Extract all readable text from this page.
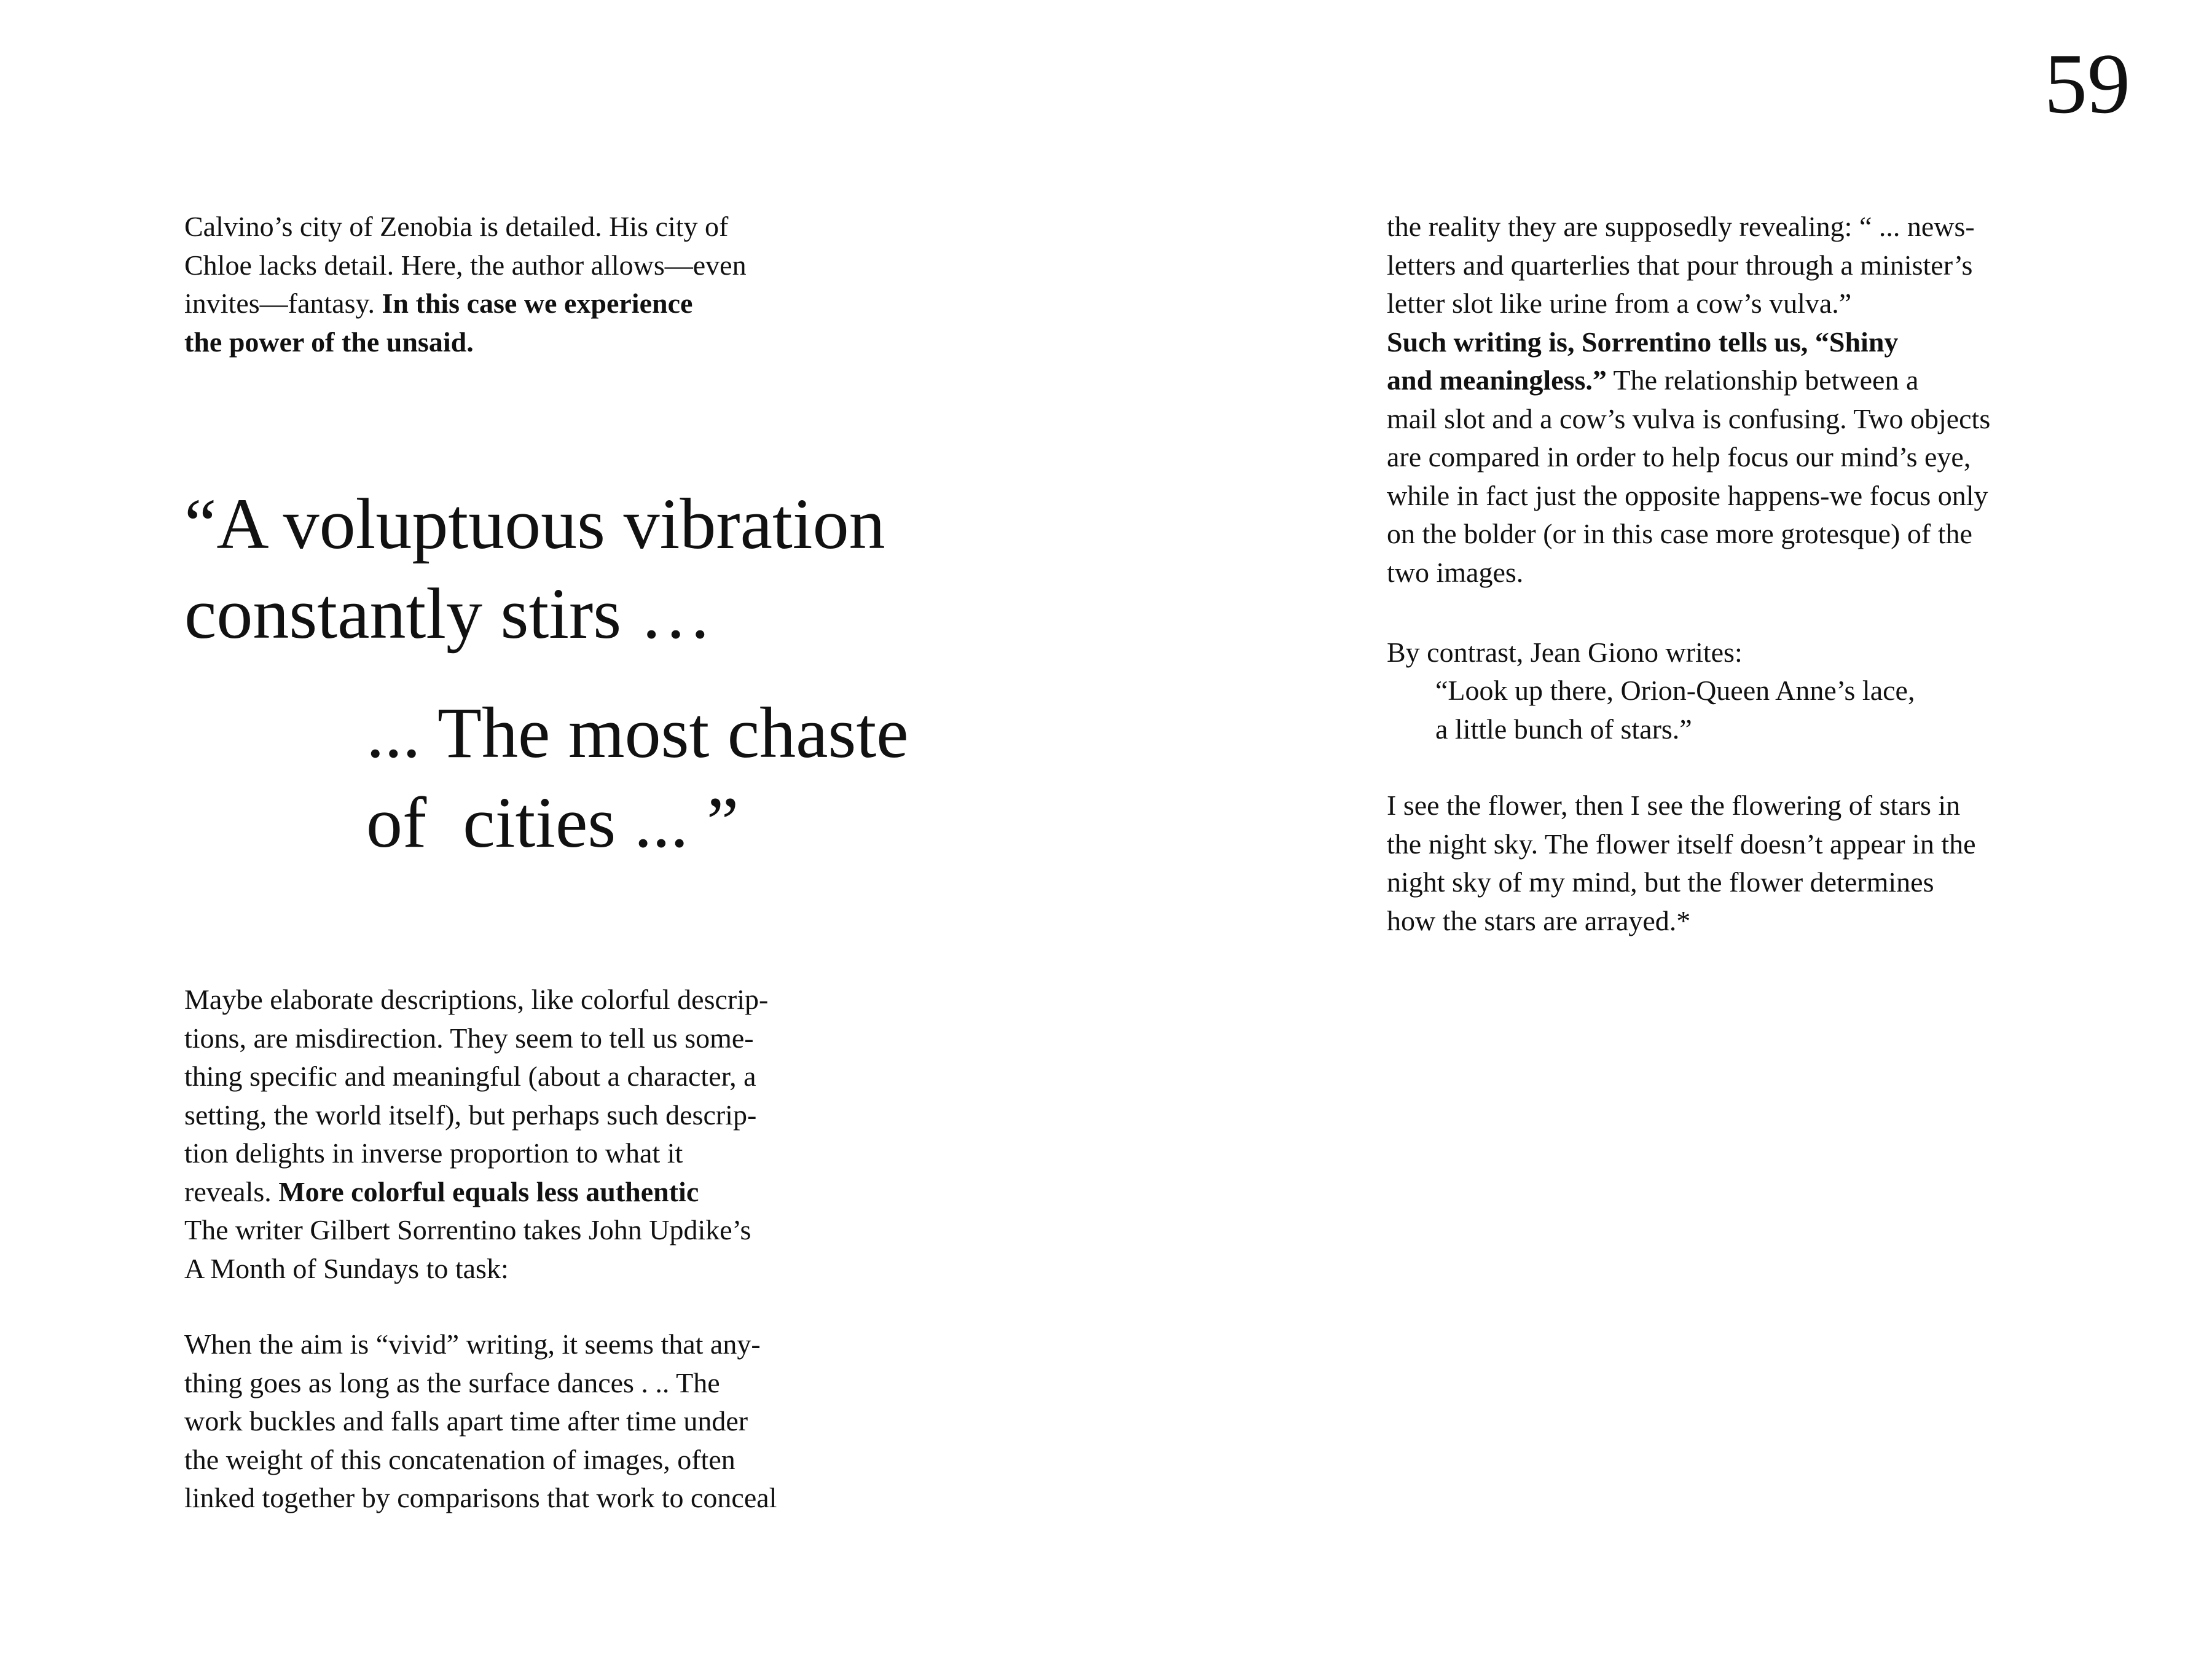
59
Calvino’s city of Zenobia is detailed. His city of
Chloe lacks detail. Here, the author allows—even
invites—fantasy. In this case we experience
the power of the unsaid.
“A voluptuous vibration
constantly stirs …
... The most chaste
of  cities ... ”
Maybe elaborate descriptions, like colorful descrip-
tions, are misdirection. They seem to tell us some-
thing specific and meaningful (about a character, a
setting, the world itself), but perhaps such descrip-
tion delights in inverse proportion to what it
reveals. More colorful equals less authentic
The writer Gilbert Sorrentino takes John Updike’s
A Month of Sundays to task:
When the aim is “vivid” writing, it seems that any-
thing goes as long as the surface dances . .. The
work buckles and falls apart time after time under
the weight of this concatenation of images, often
linked together by comparisons that work to conceal
the reality they are supposedly revealing: “ ... news-
letters and quarterlies that pour through a minister’s
letter slot like urine from a cow’s vulva.”
Such writing is, Sorrentino tells us, “Shiny
and meaningless.” The relationship between a
mail slot and a cow’s vulva is confusing. Two objects
are compared in order to help focus our mind’s eye,
while in fact just the opposite happens-we focus only
on the bolder (or in this case more grotesque) of the
two images.
By contrast, Jean Giono writes:
“Look up there, Orion-Queen Anne’s lace,
a little bunch of stars.”
I see the flower, then I see the flowering of stars in
the night sky. The flower itself doesn’t appear in the
night sky of my mind, but the flower determines
how the stars are arrayed.*
